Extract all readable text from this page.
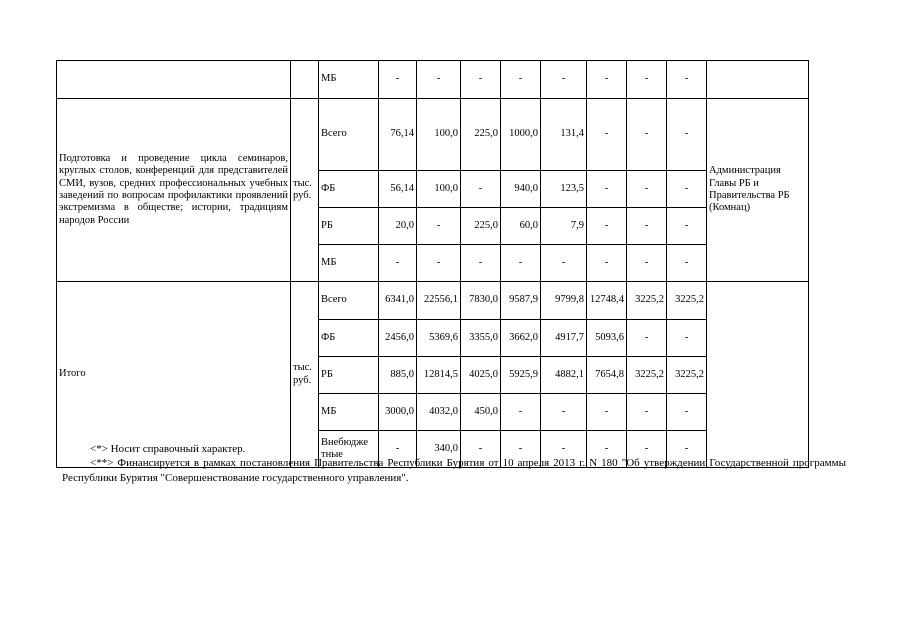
		МБ	-	-	-	-	-	-	-	-	
Подготовка и проведение цикла семинаров, круглых столов, конференций для представителей СМИ, вузов, средних профессиональных учебных заведений по вопросам профилактики проявлений экстремизма в обществе; истории, традициям народов России	тыс. руб.	Всего	76,14	100,0	225,0	1000,0	131,4	-	-	-	Администрация Главы РБ и Правительства РБ (Комнац)
		ФБ	56,14	100,0	-	940,0	123,5	-	-	-	
		РБ	20,0	-	225,0	60,0	7,9	-	-	-	
		МБ	-	-	-	-	-	-	-	-	
Итого	тыс. руб.	Всего	6341,0	22556,1	7830,0	9587,9	9799,8	12748,4	3225,2	3225,2	
		ФБ	2456,0	5369,6	3355,0	3662,0	4917,7	5093,6	-	-	
		РБ	885,0	12814,5	4025,0	5925,9	4882,1	7654,8	3225,2	3225,2	
		МБ	3000,0	4032,0	450,0	-	-	-	-	-	
		Внебюдже тные	-	340,0	-	-	-	-	-	-	

<*> Носит справочный характер.

<**> Финансируется в рамках постановления Правительства Республики Бурятия от 10 апреля 2013 г. N 180 "Об утверждении Государственной программы Республики Бурятия "Совершенствование государственного управления".
